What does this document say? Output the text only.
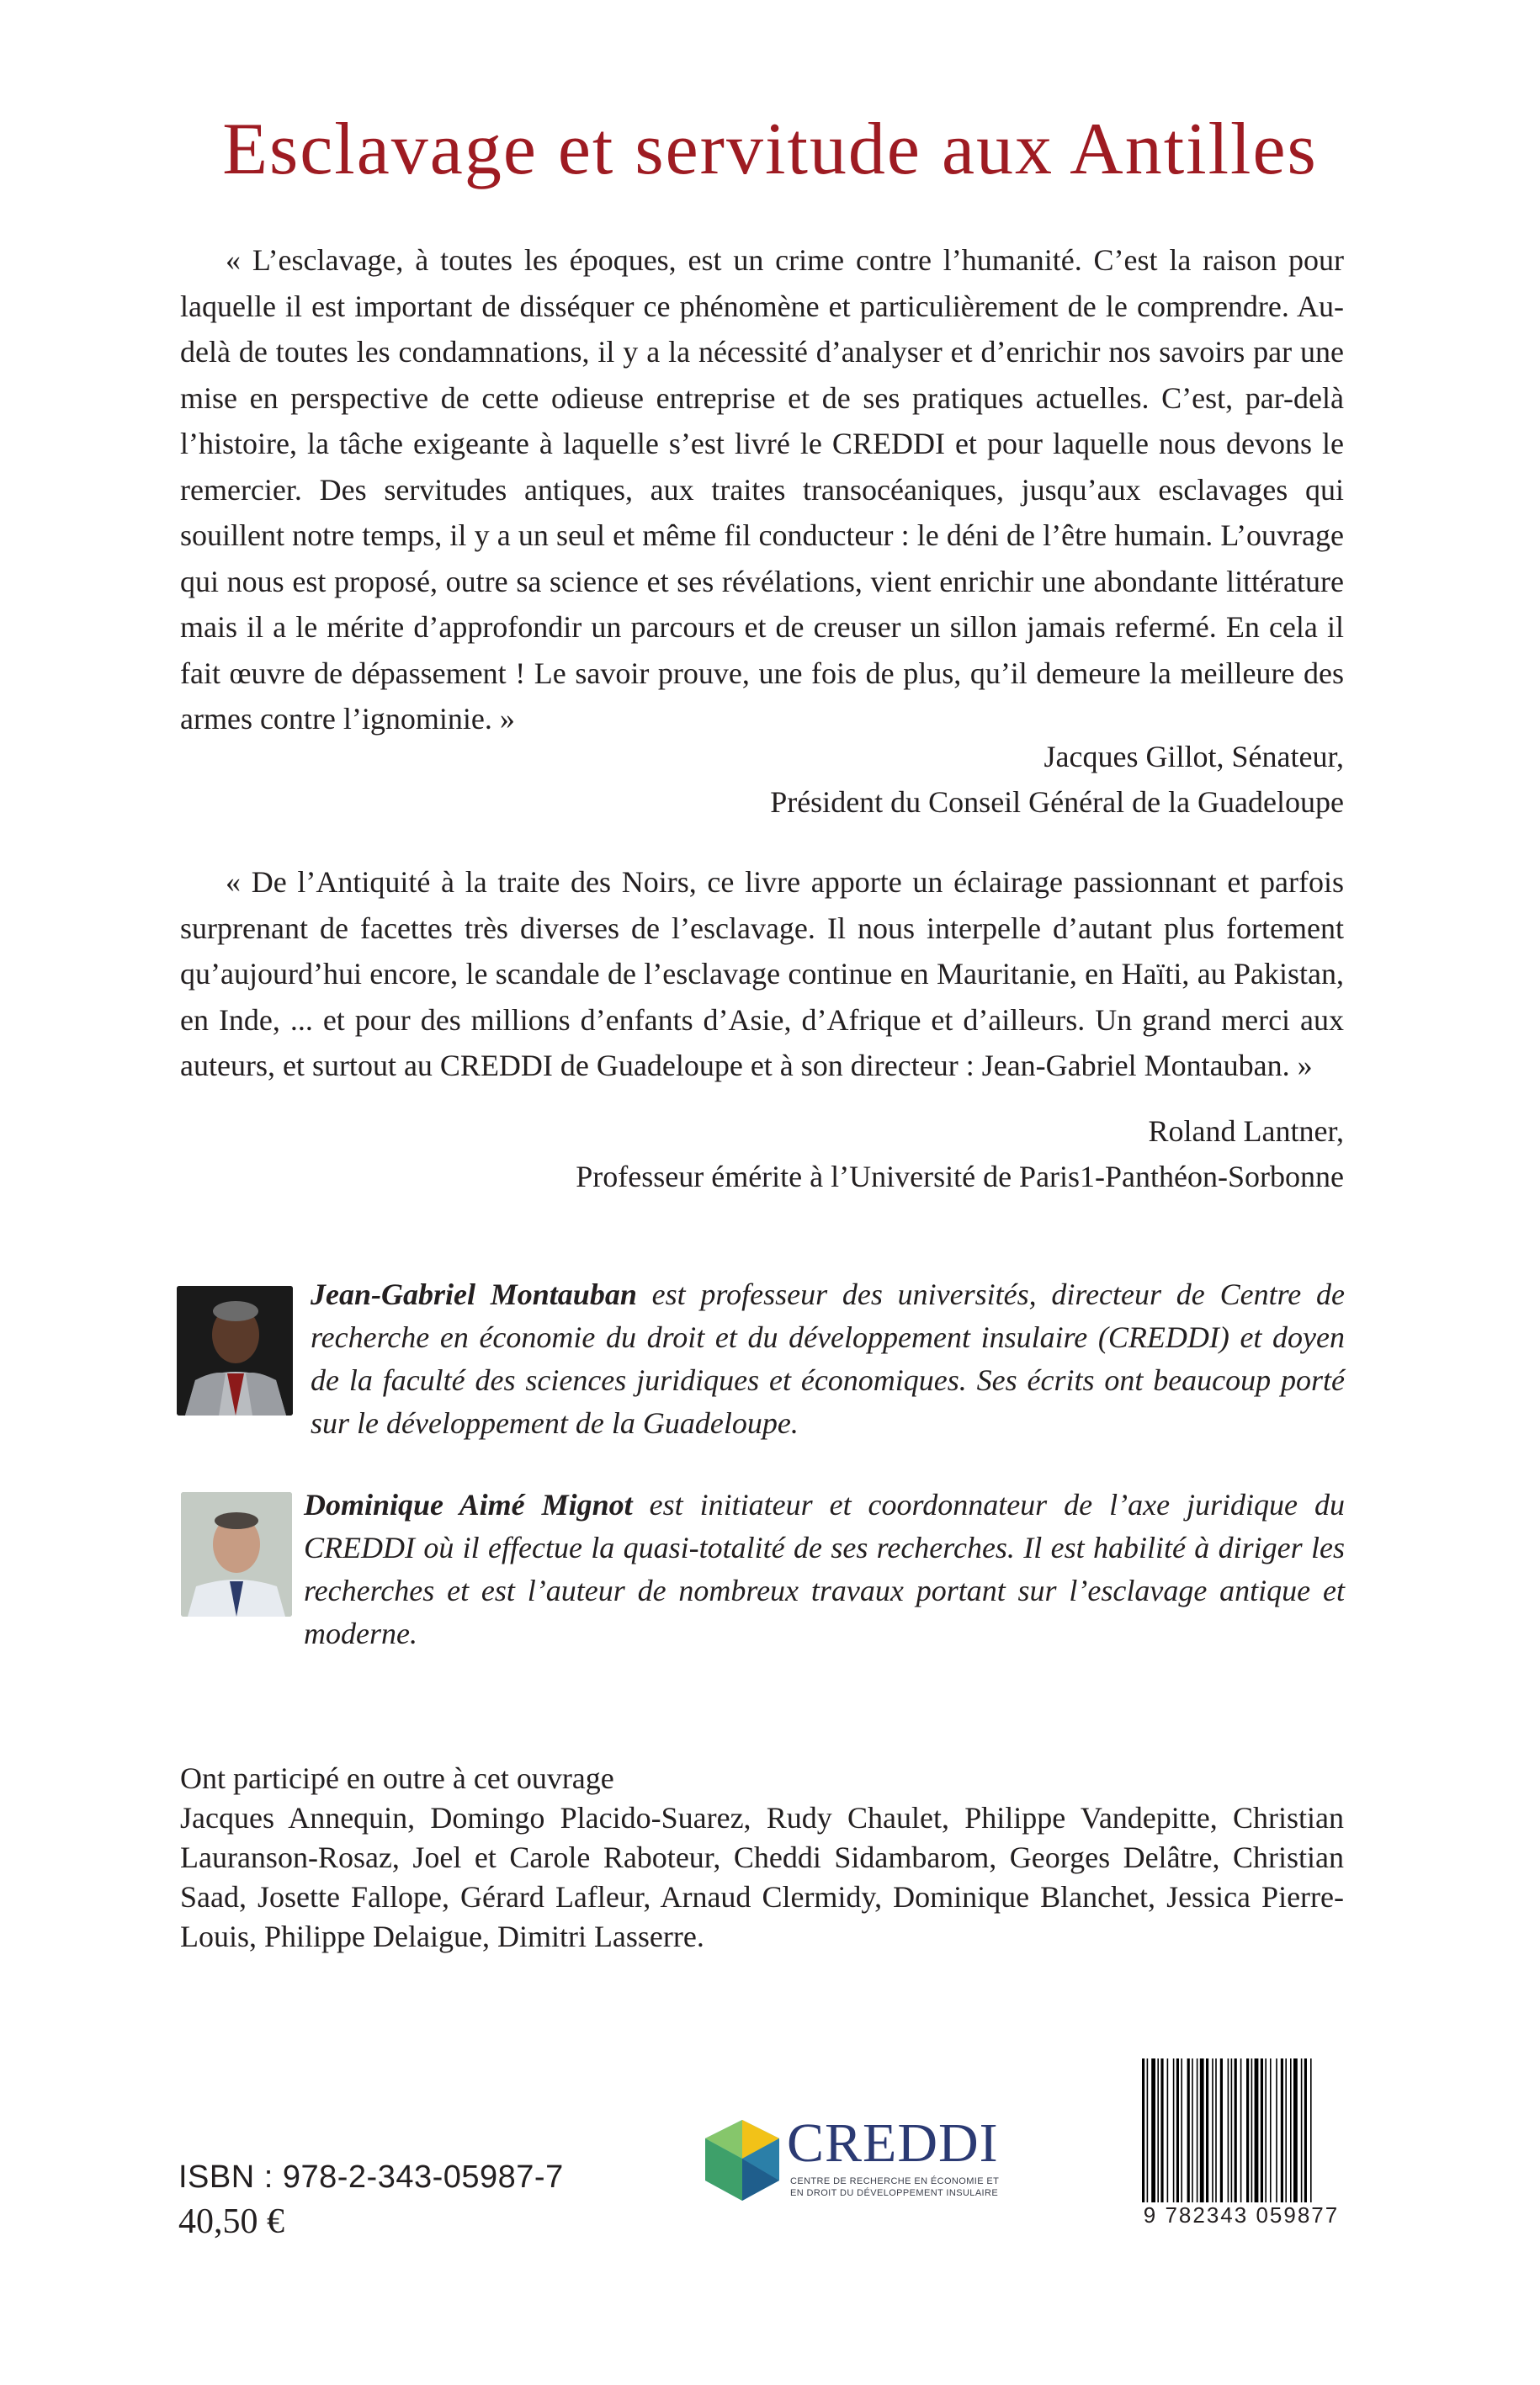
Esclavage et servitude aux Antilles

« L’esclavage, à toutes les époques, est un crime contre l’humanité. C’est la raison pour laquelle il est important de disséquer ce phénomène et particulièrement de le comprendre. Au-delà de toutes les condamnations, il y a la nécessité d’analyser et d’enrichir nos savoirs par une mise en perspective de cette odieuse entreprise et de ses pratiques actuelles. C’est, par-delà l’histoire, la tâche exigeante à laquelle s’est livré le CREDDI et pour laquelle nous devons le remercier. Des servitudes antiques, aux traites transocéaniques, jusqu’aux esclavages qui souillent notre temps, il y a un seul et même fil conducteur : le déni de l’être humain. L’ouvrage qui nous est proposé, outre sa science et ses révélations, vient enrichir une abondante littérature mais il a le mérite d’approfondir un parcours et de creuser un sillon jamais refermé. En cela il fait œuvre de dépassement ! Le savoir prouve, une fois de plus, qu’il demeure la meilleure des armes contre l’ignominie. »

Jacques Gillot, Sénateur,
Président du Conseil Général de la Guadeloupe

« De l’Antiquité à la traite des Noirs, ce livre apporte un éclairage passionnant et parfois surprenant de facettes très diverses de l’esclavage. Il nous interpelle d’autant plus fortement qu’aujourd’hui encore, le scandale de l’esclavage continue en Mauritanie, en Haïti, au Pakistan, en Inde, ... et pour des millions d’enfants d’Asie, d’Afrique et d’ailleurs. Un grand merci aux auteurs, et surtout au CREDDI de Guadeloupe et à son directeur : Jean-Gabriel Montauban. »

Roland Lantner,
Professeur émérite à l’Université de Paris1-Panthéon-Sorbonne

Jean-Gabriel Montauban est professeur des universités, directeur de Centre de recherche en économie du droit et du développement insulaire (CREDDI) et doyen de la faculté des sciences juridiques et économiques. Ses écrits ont beaucoup porté sur le développement de la Guadeloupe.

Dominique Aimé Mignot est initiateur et coordonnateur de l’axe juridique du CREDDI où il effectue la quasi-totalité de ses recherches. Il est habilité à diriger les recherches et est l’auteur de nombreux travaux portant sur l’esclavage antique et moderne.

Ont participé en outre à cet ouvrage
Jacques Annequin, Domingo Placido-Suarez, Rudy Chaulet, Philippe Vandepitte, Christian Lauranson-Rosaz, Joel et Carole Raboteur, Cheddi Sidambarom, Georges Delâtre, Christian Saad, Josette Fallope, Gérard Lafleur, Arnaud Clermidy, Dominique Blanchet, Jessica Pierre-Louis, Philippe Delaigue, Dimitri Lasserre.

ISBN : 978-2-343-05987-7
40,50 €
CREDDI
CENTRE DE RECHERCHE EN ÉCONOMIE ET
EN DROIT DU DÉVELOPPEMENT INSULAIRE
9 782343 059877
